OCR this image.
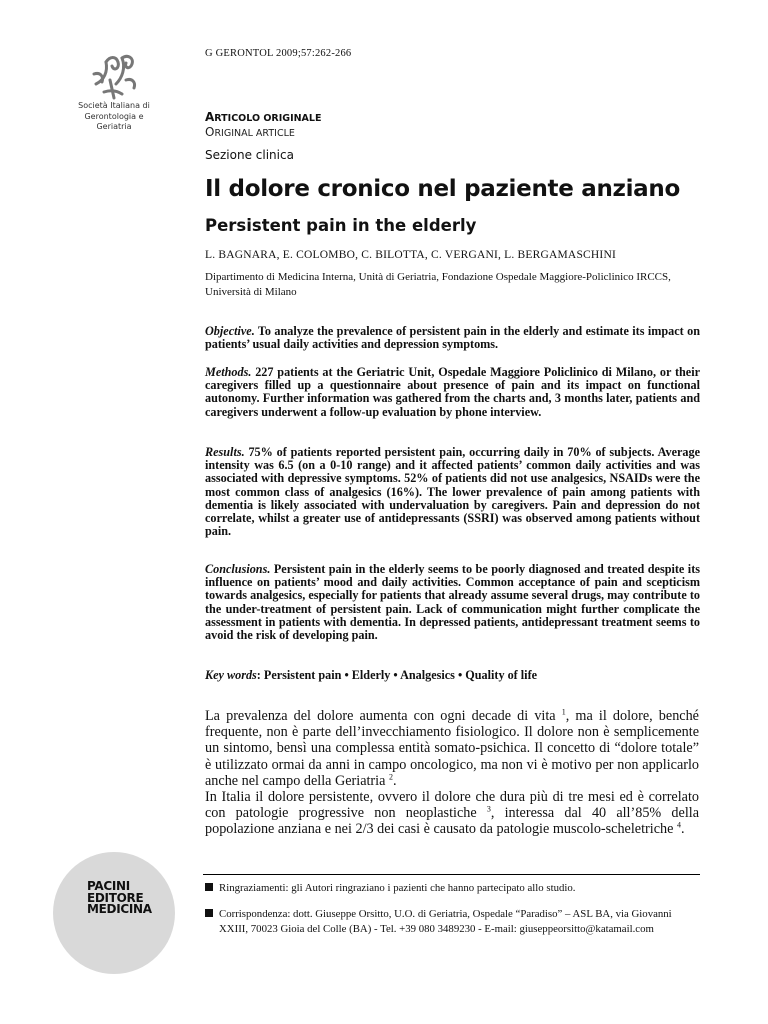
G GERONTOL 2009;57:262-266
Società Italiana di Gerontologia e Geriatria
ARTICOLO ORIGINALE
ORIGINAL ARTICLE
Sezione clinica
Il dolore cronico nel paziente anziano
Persistent pain in the elderly
L. BAGNARA, E. COLOMBO, C. BILOTTA, C. VERGANI, L. BERGAMASCHINI
Dipartimento di Medicina Interna, Unità di Geriatria, Fondazione Ospedale Maggiore-Policlinico IRCCS, Università di Milano
Objective. To analyze the prevalence of persistent pain in the elderly and estimate its impact on patients’ usual daily activities and depression symptoms.
Methods. 227 patients at the Geriatric Unit, Ospedale Maggiore Policlinico di Milano, or their caregivers filled up a questionnaire about presence of pain and its impact on functional autonomy. Further information was gathered from the charts and, 3 months later, patients and caregivers underwent a follow-up evaluation by phone interview.
Results. 75% of patients reported persistent pain, occurring daily in 70% of subjects. Average intensity was 6.5 (on a 0-10 range) and it affected patients’ common daily activities and was associated with depressive symptoms. 52% of patients did not use analgesics, NSAIDs were the most common class of analgesics (16%). The lower prevalence of pain among patients with dementia is likely associated with undervaluation by caregivers. Pain and depression do not correlate, whilst a greater use of antidepressants (SSRI) was observed among patients without pain.
Conclusions. Persistent pain in the elderly seems to be poorly diagnosed and treated despite its influence on patients’ mood and daily activities. Common acceptance of pain and scepticism towards analgesics, especially for patients that already assume several drugs, may contribute to the under-treatment of persistent pain. Lack of communication might further complicate the assessment in patients with dementia. In depressed patients, antidepressant treatment seems to avoid the risk of developing pain.
Key words: Persistent pain • Elderly • Analgesics • Quality of life

La prevalenza del dolore aumenta con ogni decade di vita $^1$, ma il dolore, benché frequente, non è parte dell’invecchiamento fisiologico. Il dolore non è semplicemente un sintomo, bensì una complessa entità somato-psichica. Il concetto di “dolore totale” è utilizzato ormai da anni in campo oncologico, ma non vi è motivo per non applicarlo anche nel campo della Geriatria $^2$.

In Italia il dolore persistente, ovvero il dolore che dura più di tre mesi ed è correlato con patologie progressive non neoplastiche $^3$, interessa dal 40 all’85% della popolazione anziana e nei 2/3 dei casi è causato da patologie muscolo-scheletriche $^4$.

Ringraziamenti: gli Autori ringraziano i pazienti che hanno partecipato allo studio.
Corrispondenza: dott. Giuseppe Orsitto, U.O. di Geriatria, Ospedale “Paradiso” – ASL BA, via Giovanni XXIII, 70023 Gioia del Colle (BA) - Tel. +39 080 3489230 - E-mail: giuseppeorsitto@katamail.com
PACINI
EDITORE
MEDICINA
